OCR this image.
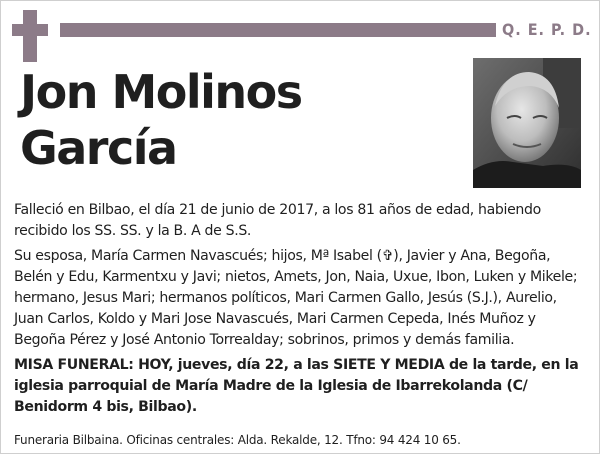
Q. E. P. D.
Jon Molinos
García

Falleció en Bilbao, el día 21 de junio de 2017, a los 81 años de edad, habiendo recibido los SS. SS. y la B. A de S.S.

Su esposa, María Carmen Navascués; hijos, Mª Isabel (✞), Javier y Ana, Begoña, Belén y Edu, Karmentxu y Javi; nietos, Amets, Jon, Naia, Uxue, Ibon, Luken y Mikele; hermano, Jesus Mari; hermanos políticos, Mari Carmen Gallo, Jesús (S.J.), Aurelio, Juan Carlos, Koldo y Mari Jose Navascués, Mari Carmen Cepeda, Inés Muñoz y Begoña Pérez y José Antonio Torrealday; sobrinos, primos y demás familia.

MISA FUNERAL: HOY, jueves, día 22, a las SIETE Y MEDIA de la tarde, en la iglesia parroquial de María Madre de la Iglesia de Ibarrekolanda (C/ Benidorm 4 bis, Bilbao).

Funeraria Bilbaina. Oficinas centrales: Alda. Rekalde, 12. Tfno: 94 424 10 65.
